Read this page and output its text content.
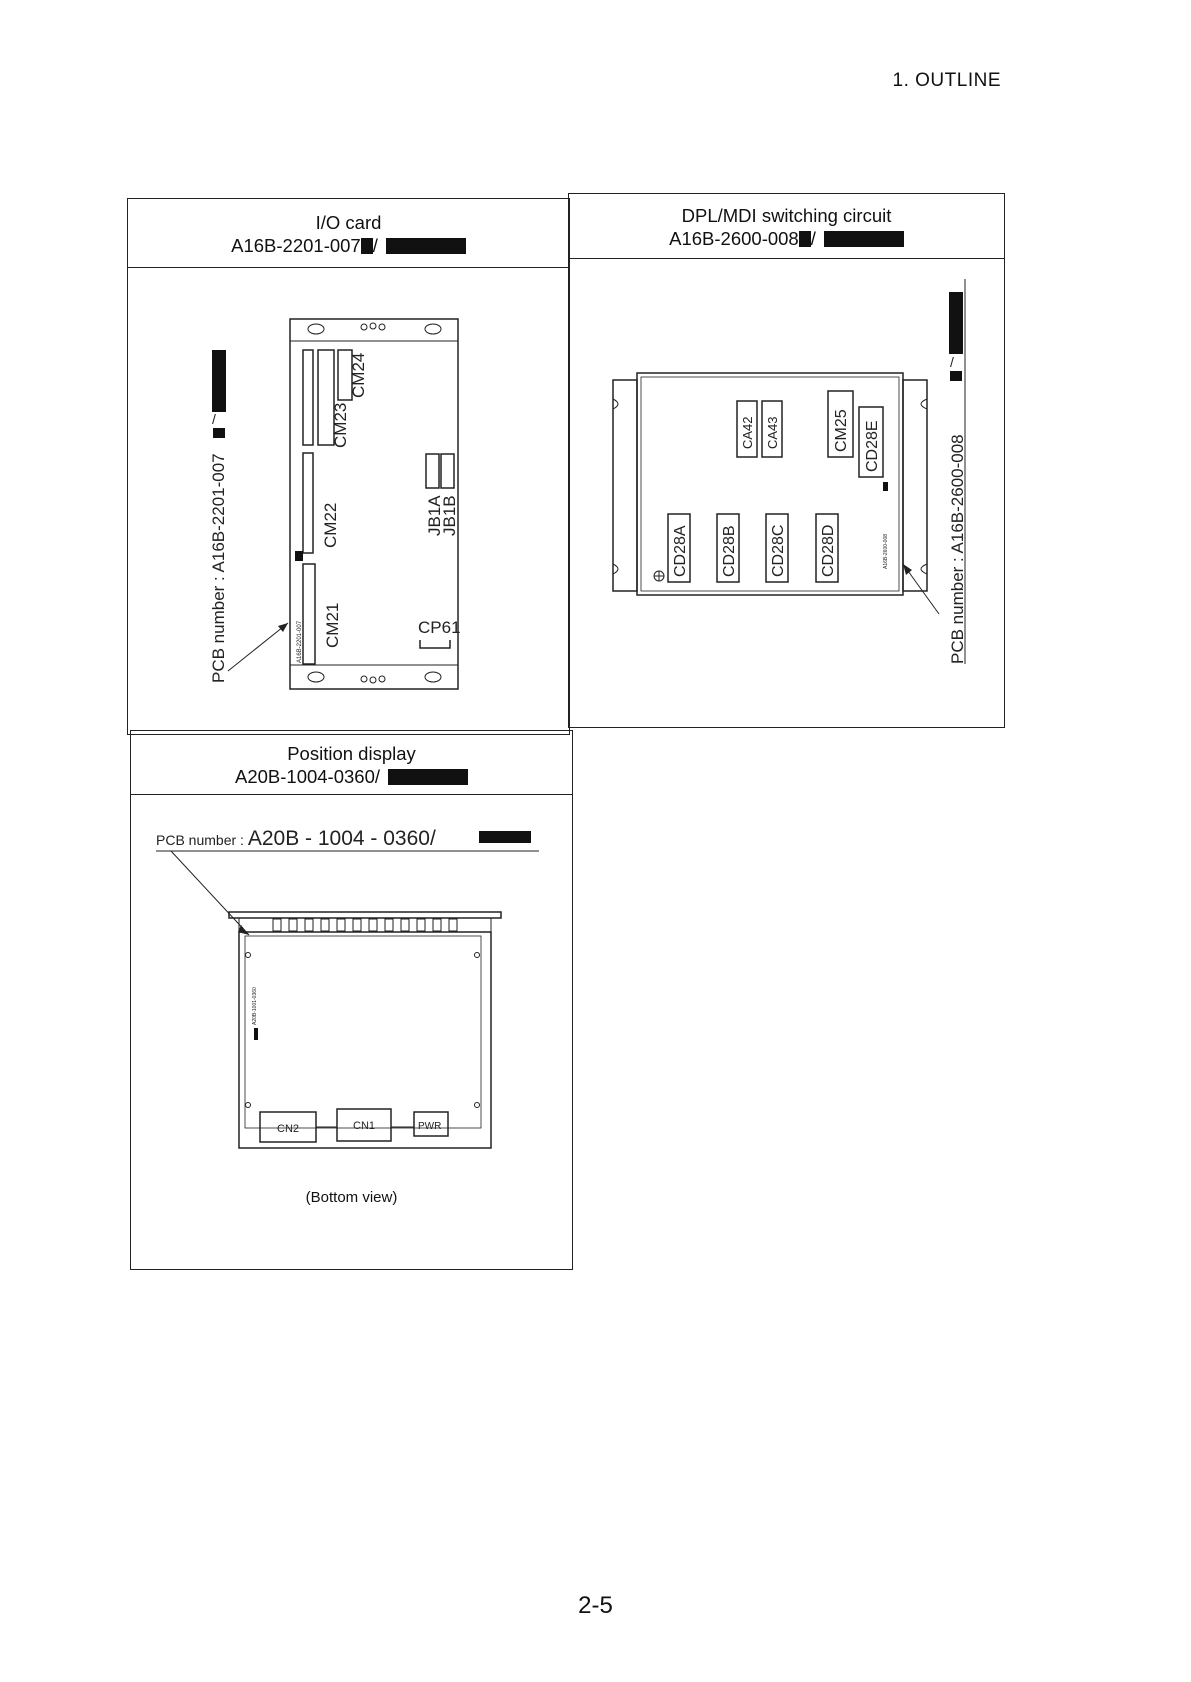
1. OUTLINE
I/O card
A16B-2201-007 /
CM23
CM24
CM22
CM21
A16B-2201-007
JB1A
JB1B
CP61
PCB number : A16B-2201-007
/
DPL/MDI switching circuit
A16B-2600-008 /
CA42 CA43	CM25 CD28E
CD28A CD28B CD28C CD28D	A16B-2600-008	PCB number : A16B-2600-008
/
Position display
A20B-1004-0360/
PCB number : A20B - 1004 - 0360/
A20B-1001-0360
CN2	CN1	PWR
(Bottom view)
2-5
